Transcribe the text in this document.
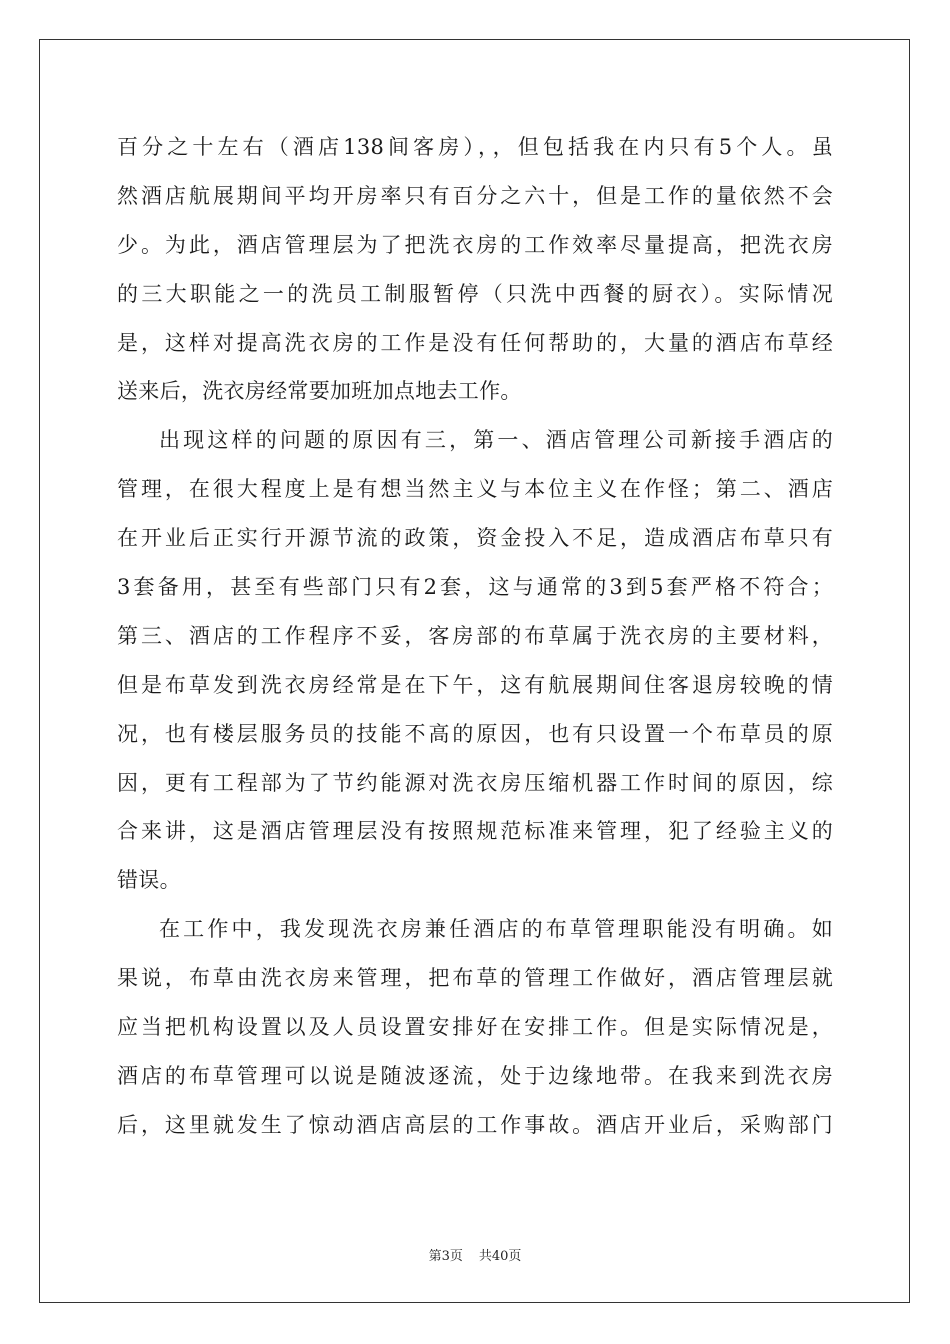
百分之十左右（酒店138间客房），，但包括我在内只有5个人。虽
然酒店航展期间平均开房率只有百分之六十，但是工作的量依然不会
少。为此，酒店管理层为了把洗衣房的工作效率尽量提高，把洗衣房
的三大职能之一的洗员工制服暂停（只洗中西餐的厨衣）。实际情况
是，这样对提高洗衣房的工作是没有任何帮助的，大量的酒店布草经
送来后，洗衣房经常要加班加点地去工作。
出现这样的问题的原因有三，第一、酒店管理公司新接手酒店的
管理，在很大程度上是有想当然主义与本位主义在作怪；第二、酒店
在开业后正实行开源节流的政策，资金投入不足，造成酒店布草只有
3套备用，甚至有些部门只有2套，这与通常的3到5套严格不符合；
第三、酒店的工作程序不妥，客房部的布草属于洗衣房的主要材料，
但是布草发到洗衣房经常是在下午，这有航展期间住客退房较晚的情
况，也有楼层服务员的技能不高的原因，也有只设置一个布草员的原
因，更有工程部为了节约能源对洗衣房压缩机器工作时间的原因，综
合来讲，这是酒店管理层没有按照规范标准来管理，犯了经验主义的
错误。
在工作中，我发现洗衣房兼任酒店的布草管理职能没有明确。如
果说，布草由洗衣房来管理，把布草的管理工作做好，酒店管理层就
应当把机构设置以及人员设置安排好在安排工作。但是实际情况是，
酒店的布草管理可以说是随波逐流，处于边缘地带。在我来到洗衣房
后，这里就发生了惊动酒店高层的工作事故。酒店开业后，采购部门
第3页 共40页
